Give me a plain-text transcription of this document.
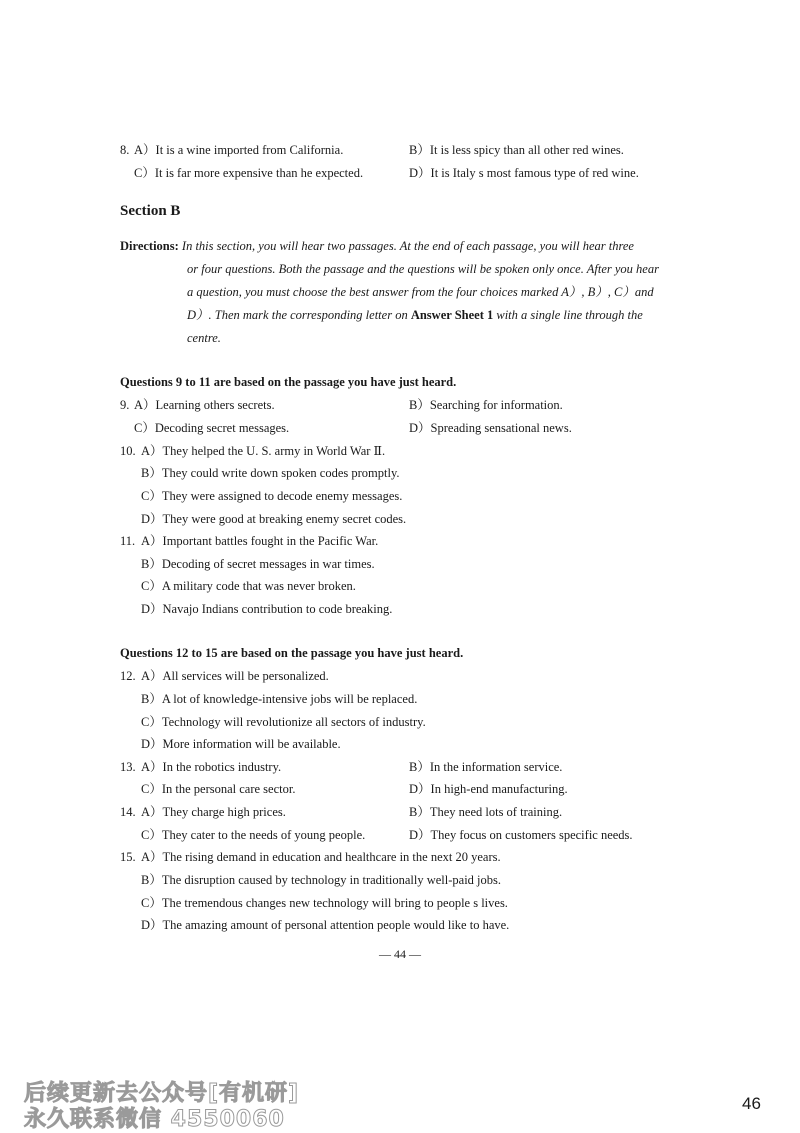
8. A）It is a wine imported from California.	B）It is less spicy than all other red wines.
C）It is far more expensive than he expected.	D）It is Italy s most famous type of red wine.
Section B
Directions: In this section, you will hear two passages. At the end of each passage, you will hear three
or four questions. Both the passage and the questions will be spoken only once. After you hear
a question, you must choose the best answer from the four choices marked A）, B）, C）and
D）. Then mark the corresponding letter on Answer Sheet 1 with a single line through the
centre.
Questions 9 to 11 are based on the passage you have just heard.
9. A）Learning others secrets.	B）Searching for information.
C）Decoding secret messages.	D）Spreading sensational news.
10. A）They helped the U. S. army in World War Ⅱ.
B）They could write down spoken codes promptly.
C）They were assigned to decode enemy messages.
D）They were good at breaking enemy secret codes.
11. A）Important battles fought in the Pacific War.
B）Decoding of secret messages in war times.
C）A military code that was never broken.
D）Navajo Indians contribution to code breaking.
Questions 12 to 15 are based on the passage you have just heard.
12. A）All services will be personalized.
B）A lot of knowledge-intensive jobs will be replaced.
C）Technology will revolutionize all sectors of industry.
D）More information will be available.
13. A）In the robotics industry.	B）In the information service.
C）In the personal care sector.	D）In high-end manufacturing.
14. A）They charge high prices.	B）They need lots of training.
C）They cater to the needs of young people.	D）They focus on customers specific needs.
15. A）The rising demand in education and healthcare in the next 20 years.
B）The disruption caused by technology in traditionally well-paid jobs.
C）The tremendous changes new technology will bring to people s lives.
D）The amazing amount of personal attention people would like to have.
— 44 —
后续更新去公众号[有机研]
永久联系微信 4550060
46
